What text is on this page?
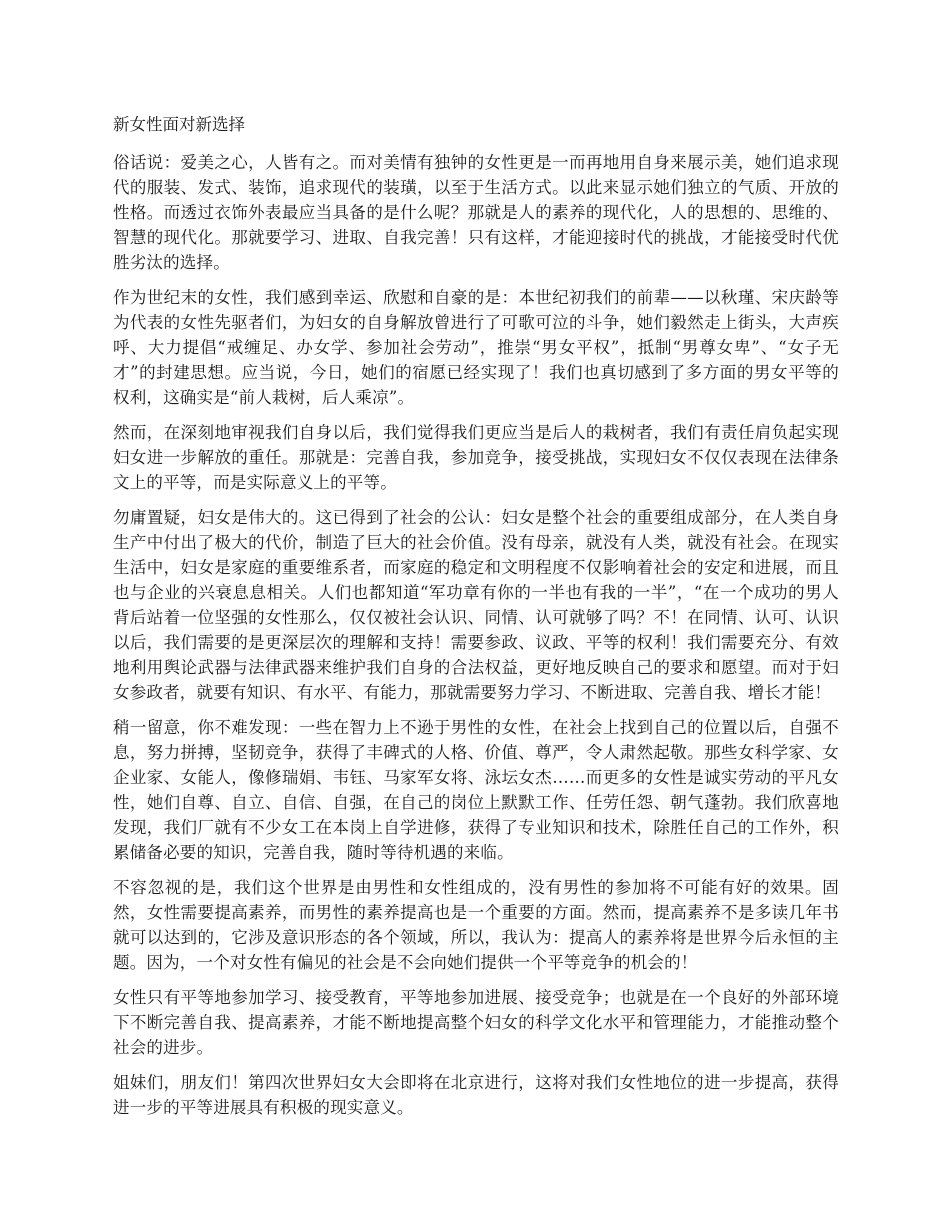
新女性面对新选择

俗话说：爱美之心，人皆有之。而对美情有独钟的女性更是一而再地用自身来展示美，她们追求现代的服装、发式、装饰，追求现代的装璜，以至于生活方式。以此来显示她们独立的气质、开放的性格。而透过衣饰外表最应当具备的是什么呢？那就是人的素养的现代化，人的思想的、思维的、智慧的现代化。那就要学习、进取、自我完善！只有这样，才能迎接时代的挑战，才能接受时代优胜劣汰的选择。

作为世纪末的女性，我们感到幸运、欣慰和自豪的是：本世纪初我们的前辈——以秋瑾、宋庆龄等为代表的女性先驱者们，为妇女的自身解放曾进行了可歌可泣的斗争，她们毅然走上街头，大声疾呼、大力提倡“戒缠足、办女学、参加社会劳动”，推崇“男女平权”，抵制“男尊女卑”、“女子无才”的封建思想。应当说，今日，她们的宿愿已经实现了！我们也真切感到了多方面的男女平等的权利，这确实是“前人栽树，后人乘凉”。

然而，在深刻地审视我们自身以后，我们觉得我们更应当是后人的栽树者，我们有责任肩负起实现妇女进一步解放的重任。那就是：完善自我，参加竞争，接受挑战，实现妇女不仅仅表现在法律条文上的平等，而是实际意义上的平等。

勿庸置疑，妇女是伟大的。这已得到了社会的公认：妇女是整个社会的重要组成部分，在人类自身生产中付出了极大的代价，制造了巨大的社会价值。没有母亲，就没有人类，就没有社会。在现实生活中，妇女是家庭的重要维系者，而家庭的稳定和文明程度不仅影响着社会的安定和进展，而且也与企业的兴衰息息相关。人们也都知道“军功章有你的一半也有我的一半”，“在一个成功的男人背后站着一位坚强的女性那么，仅仅被社会认识、同情、认可就够了吗？不！在同情、认可、认识以后，我们需要的是更深层次的理解和支持！需要参政、议政、平等的权利！我们需要充分、有效地利用舆论武器与法律武器来维护我们自身的合法权益，更好地反映自己的要求和愿望。而对于妇女参政者，就要有知识、有水平、有能力，那就需要努力学习、不断进取、完善自我、增长才能！

稍一留意，你不难发现：一些在智力上不逊于男性的女性，在社会上找到自己的位置以后，自强不息，努力拼搏，坚韧竞争，获得了丰碑式的人格、价值、尊严，令人肃然起敬。那些女科学家、女企业家、女能人，像修瑞娟、韦钰、马家军女将、泳坛女杰……而更多的女性是诚实劳动的平凡女性，她们自尊、自立、自信、自强，在自己的岗位上默默工作、任劳任怨、朝气蓬勃。我们欣喜地发现，我们厂就有不少女工在本岗上自学进修，获得了专业知识和技术，除胜任自己的工作外，积累储备必要的知识，完善自我，随时等待机遇的来临。

不容忽视的是，我们这个世界是由男性和女性组成的，没有男性的参加将不可能有好的效果。固然，女性需要提高素养，而男性的素养提高也是一个重要的方面。然而，提高素养不是多读几年书就可以达到的，它涉及意识形态的各个领域，所以，我认为：提高人的素养将是世界今后永恒的主题。因为，一个对女性有偏见的社会是不会向她们提供一个平等竞争的机会的！

女性只有平等地参加学习、接受教育，平等地参加进展、接受竞争；也就是在一个良好的外部环境下不断完善自我、提高素养，才能不断地提高整个妇女的科学文化水平和管理能力，才能推动整个社会的进步。

姐妹们，朋友们！第四次世界妇女大会即将在北京进行，这将对我们女性地位的进一步提高，获得进一步的平等进展具有积极的现实意义。
